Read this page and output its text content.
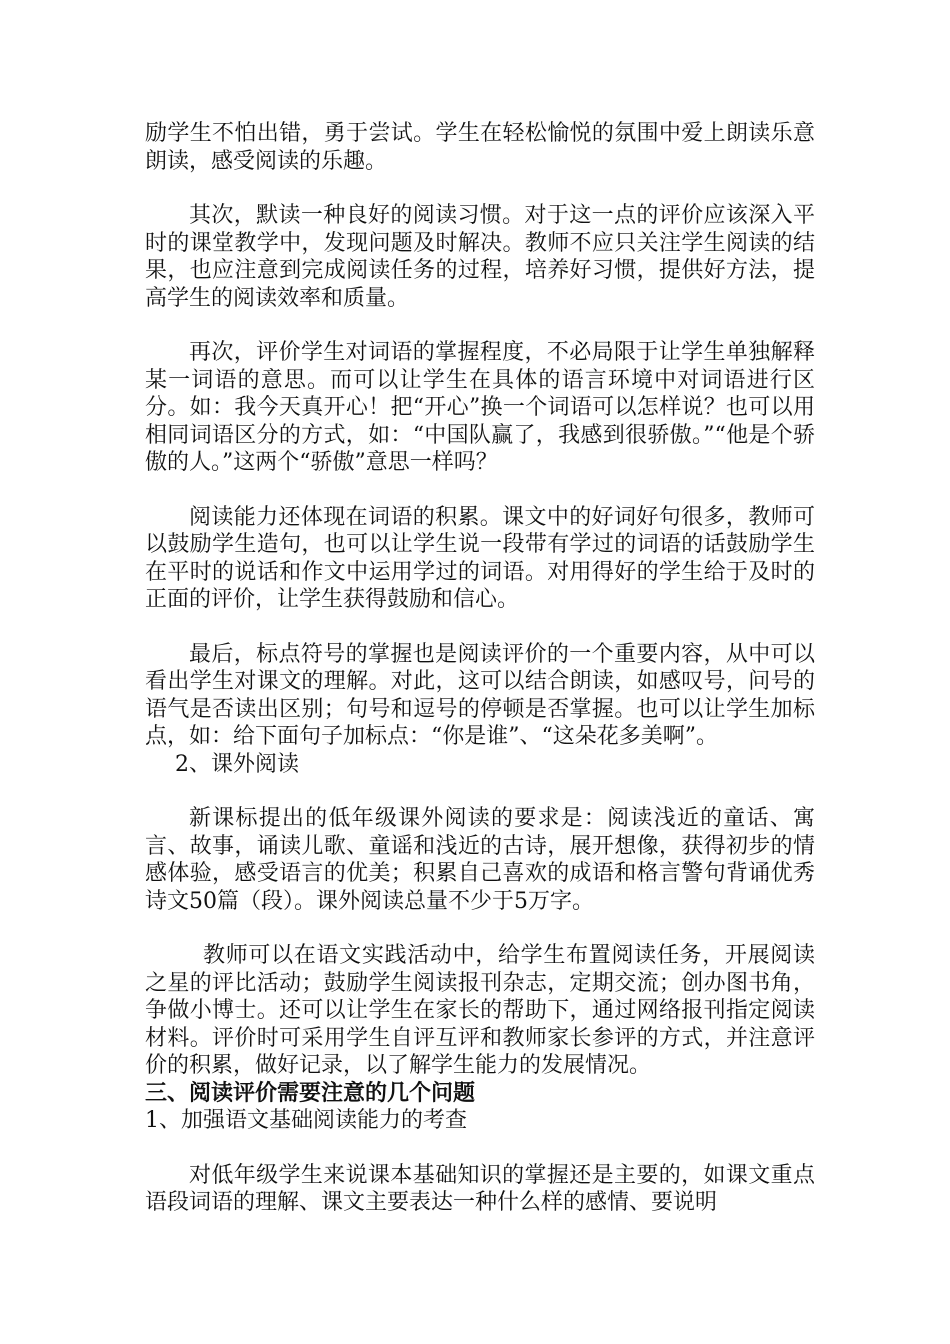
励学生不怕出错，勇于尝试。学生在轻松愉悦的氛围中爱上朗读乐意朗读，感受阅读的乐趣。

其次，默读一种良好的阅读习惯。对于这一点的评价应该深入平时的课堂教学中，发现问题及时解决。教师不应只关注学生阅读的结果，也应注意到完成阅读任务的过程，培养好习惯，提供好方法，提高学生的阅读效率和质量。

再次，评价学生对词语的掌握程度，不必局限于让学生单独解释某一词语的意思。而可以让学生在具体的语言环境中对词语进行区分。如：我今天真开心！把“开心”换一个词语可以怎样说？也可以用相同词语区分的方式，如：“中国队赢了，我感到很骄傲。”“他是个骄傲的人。”这两个“骄傲”意思一样吗？

阅读能力还体现在词语的积累。课文中的好词好句很多，教师可以鼓励学生造句，也可以让学生说一段带有学过的词语的话鼓励学生在平时的说话和作文中运用学过的词语。对用得好的学生给于及时的正面的评价，让学生获得鼓励和信心。

最后，标点符号的掌握也是阅读评价的一个重要内容，从中可以看出学生对课文的理解。对此，这可以结合朗读，如感叹号，问号的语气是否读出区别；句号和逗号的停顿是否掌握。也可以让学生加标点，如：给下面句子加标点：“你是谁”、“这朵花多美啊”。

2、课外阅读

新课标提出的低年级课外阅读的要求是：阅读浅近的童话、寓言、故事，诵读儿歌、童谣和浅近的古诗，展开想像，获得初步的情感体验，感受语言的优美；积累自己喜欢的成语和格言警句背诵优秀诗文50篇（段）。课外阅读总量不少于5万字。

教师可以在语文实践活动中，给学生布置阅读任务，开展阅读之星的评比活动；鼓励学生阅读报刊杂志，定期交流；创办图书角，争做小博士。还可以让学生在家长的帮助下，通过网络报刊指定阅读材料。评价时可采用学生自评互评和教师家长参评的方式，并注意评价的积累，做好记录，以了解学生能力的发展情况。

三、阅读评价需要注意的几个问题

1、加强语文基础阅读能力的考查

对低年级学生来说课本基础知识的掌握还是主要的，如课文重点语段词语的理解、课文主要表达一种什么样的感情、要说明
